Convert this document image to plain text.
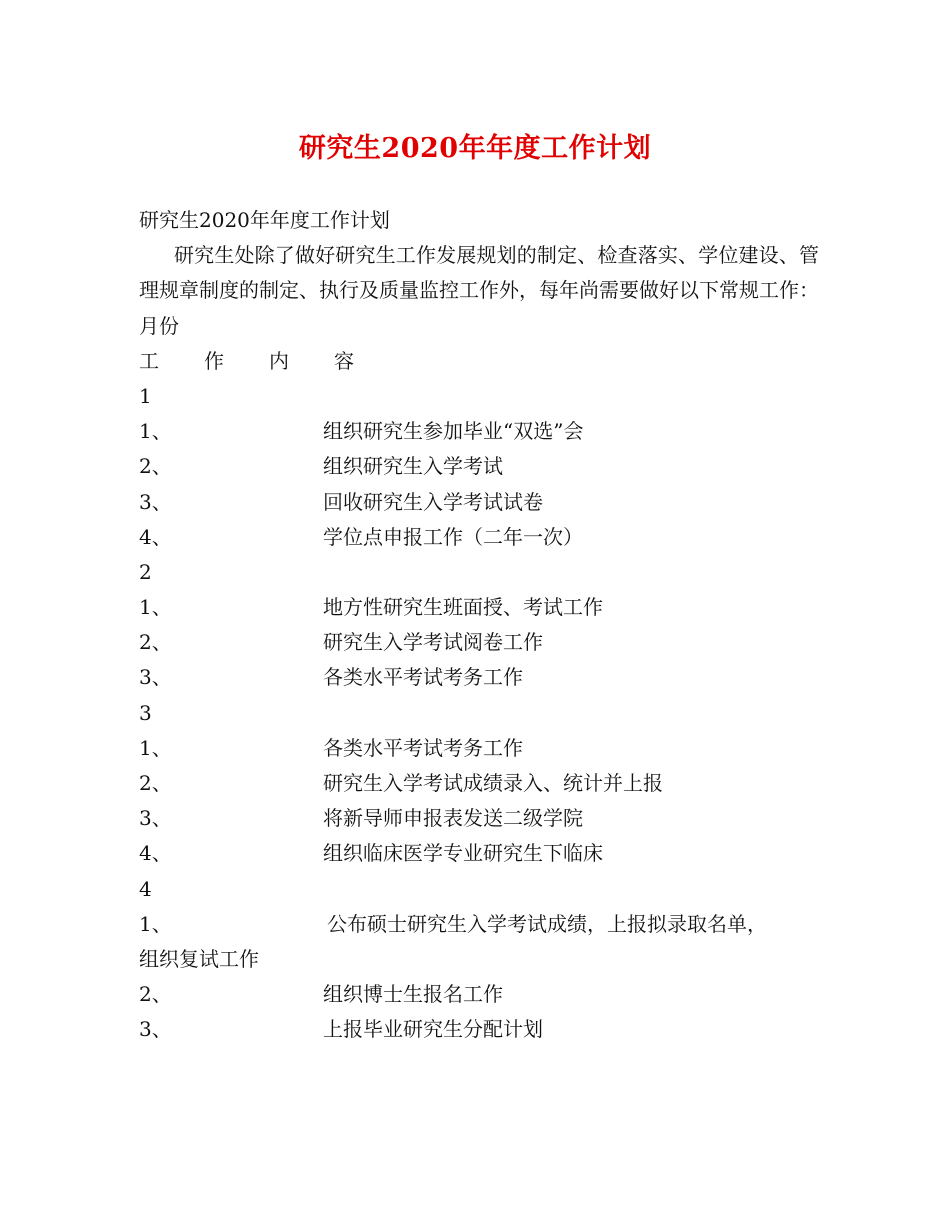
研究生2020年年度工作计划
研究生2020年年度工作计划
研究生处除了做好研究生工作发展规划的制定、检查落实、学位建设、管理规章制度的制定、执行及质量监控工作外，每年尚需要做好以下常规工作：
月份
工 作 内 容
1
1、	组织研究生参加毕业“双选”会
2、	组织研究生入学考试
3、	回收研究生入学考试试卷
4、	学位点申报工作（二年一次）
2
1、	地方性研究生班面授、考试工作
2、	研究生入学考试阅卷工作
3、	各类水平考试考务工作
3
1、	各类水平考试考务工作
2、	研究生入学考试成绩录入、统计并上报
3、	将新导师申报表发送二级学院
4、	组织临床医学专业研究生下临床
4
1、	公布硕士研究生入学考试成绩，上报拟录取名单，
组织复试工作
2、	组织博士生报名工作
3、	上报毕业研究生分配计划
